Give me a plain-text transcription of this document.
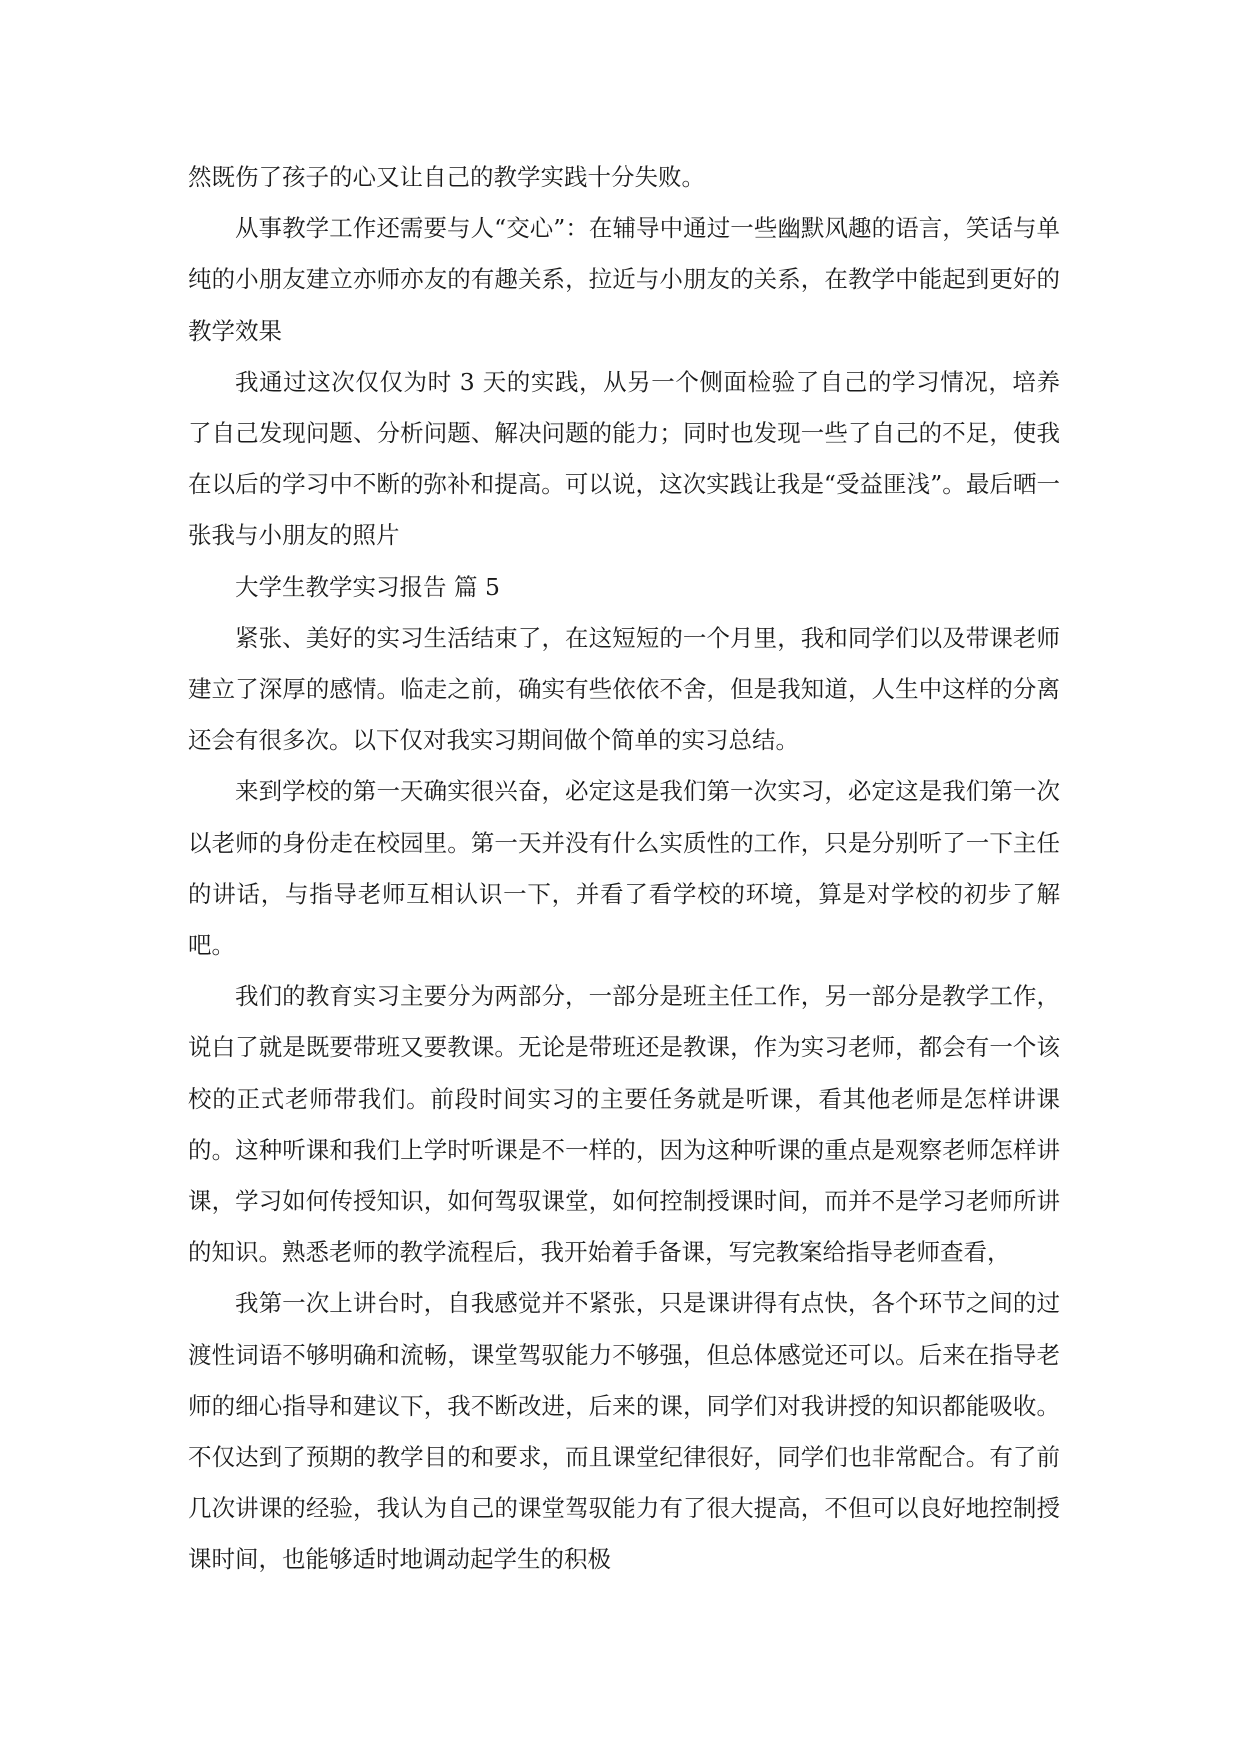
然既伤了孩子的心又让自己的教学实践十分失败。

从事教学工作还需要与人“交心”：在辅导中通过一些幽默风趣的语言，笑话与单纯的小朋友建立亦师亦友的有趣关系，拉近与小朋友的关系，在教学中能起到更好的教学效果

我通过这次仅仅为时 3 天的实践，从另一个侧面检验了自己的学习情况，培养了自己发现问题、分析问题、解决问题的能力；同时也发现一些了自己的不足，使我在以后的学习中不断的弥补和提高。可以说，这次实践让我是“受益匪浅”。最后晒一张我与小朋友的照片

大学生教学实习报告 篇 5

紧张、美好的实习生活结束了，在这短短的一个月里，我和同学们以及带课老师建立了深厚的感情。临走之前，确实有些依依不舍，但是我知道，人生中这样的分离还会有很多次。以下仅对我实习期间做个简单的实习总结。

来到学校的第一天确实很兴奋，必定这是我们第一次实习，必定这是我们第一次以老师的身份走在校园里。第一天并没有什么实质性的工作，只是分别听了一下主任的讲话，与指导老师互相认识一下，并看了看学校的环境，算是对学校的初步了解吧。

我们的教育实习主要分为两部分，一部分是班主任工作，另一部分是教学工作，说白了就是既要带班又要教课。无论是带班还是教课，作为实习老师，都会有一个该校的正式老师带我们。前段时间实习的主要任务就是听课，看其他老师是怎样讲课的。这种听课和我们上学时听课是不一样的，因为这种听课的重点是观察老师怎样讲课，学习如何传授知识，如何驾驭课堂，如何控制授课时间，而并不是学习老师所讲的知识。熟悉老师的教学流程后，我开始着手备课，写完教案给指导老师查看，

我第一次上讲台时，自我感觉并不紧张，只是课讲得有点快，各个环节之间的过渡性词语不够明确和流畅，课堂驾驭能力不够强，但总体感觉还可以。后来在指导老师的细心指导和建议下，我不断改进，后来的课，同学们对我讲授的知识都能吸收。不仅达到了预期的教学目的和要求，而且课堂纪律很好，同学们也非常配合。有了前几次讲课的经验，我认为自己的课堂驾驭能力有了很大提高，不但可以良好地控制授课时间，也能够适时地调动起学生的积极
